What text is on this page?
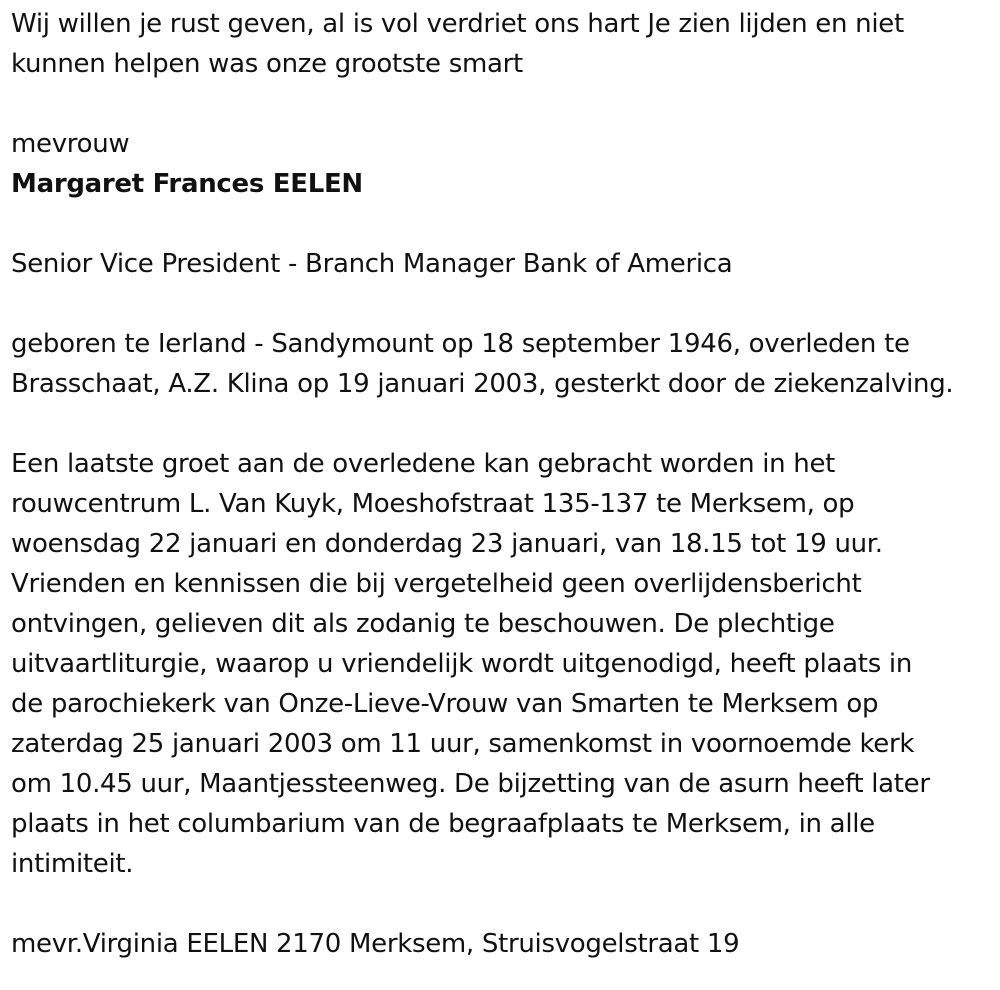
Wij willen je rust geven, al is vol verdriet ons hart Je zien lijden en niet
kunnen helpen was onze grootste smart

mevrouw

Margaret Frances EELEN

Senior Vice President - Branch Manager Bank of America

geboren te Ierland - Sandymount op 18 september 1946, overleden te
Brasschaat, A.Z. Klina op 19 januari 2003, gesterkt door de ziekenzalving.

Een laatste groet aan de overledene kan gebracht worden in het
rouwcentrum L. Van Kuyk, Moeshofstraat 135-137 te Merksem, op
woensdag 22 januari en donderdag 23 januari, van 18.15 tot 19 uur.
Vrienden en kennissen die bij vergetelheid geen overlijdensbericht
ontvingen, gelieven dit als zodanig te beschouwen. De plechtige
uitvaartliturgie, waarop u vriendelijk wordt uitgenodigd, heeft plaats in
de parochiekerk van Onze-Lieve-Vrouw van Smarten te Merksem op
zaterdag 25 januari 2003 om 11 uur, samenkomst in voornoemde kerk
om 10.45 uur, Maantjessteenweg. De bijzetting van de asurn heeft later
plaats in het columbarium van de begraafplaats te Merksem, in alle
intimiteit.

mevr.Virginia EELEN 2170 Merksem, Struisvogelstraat 19
